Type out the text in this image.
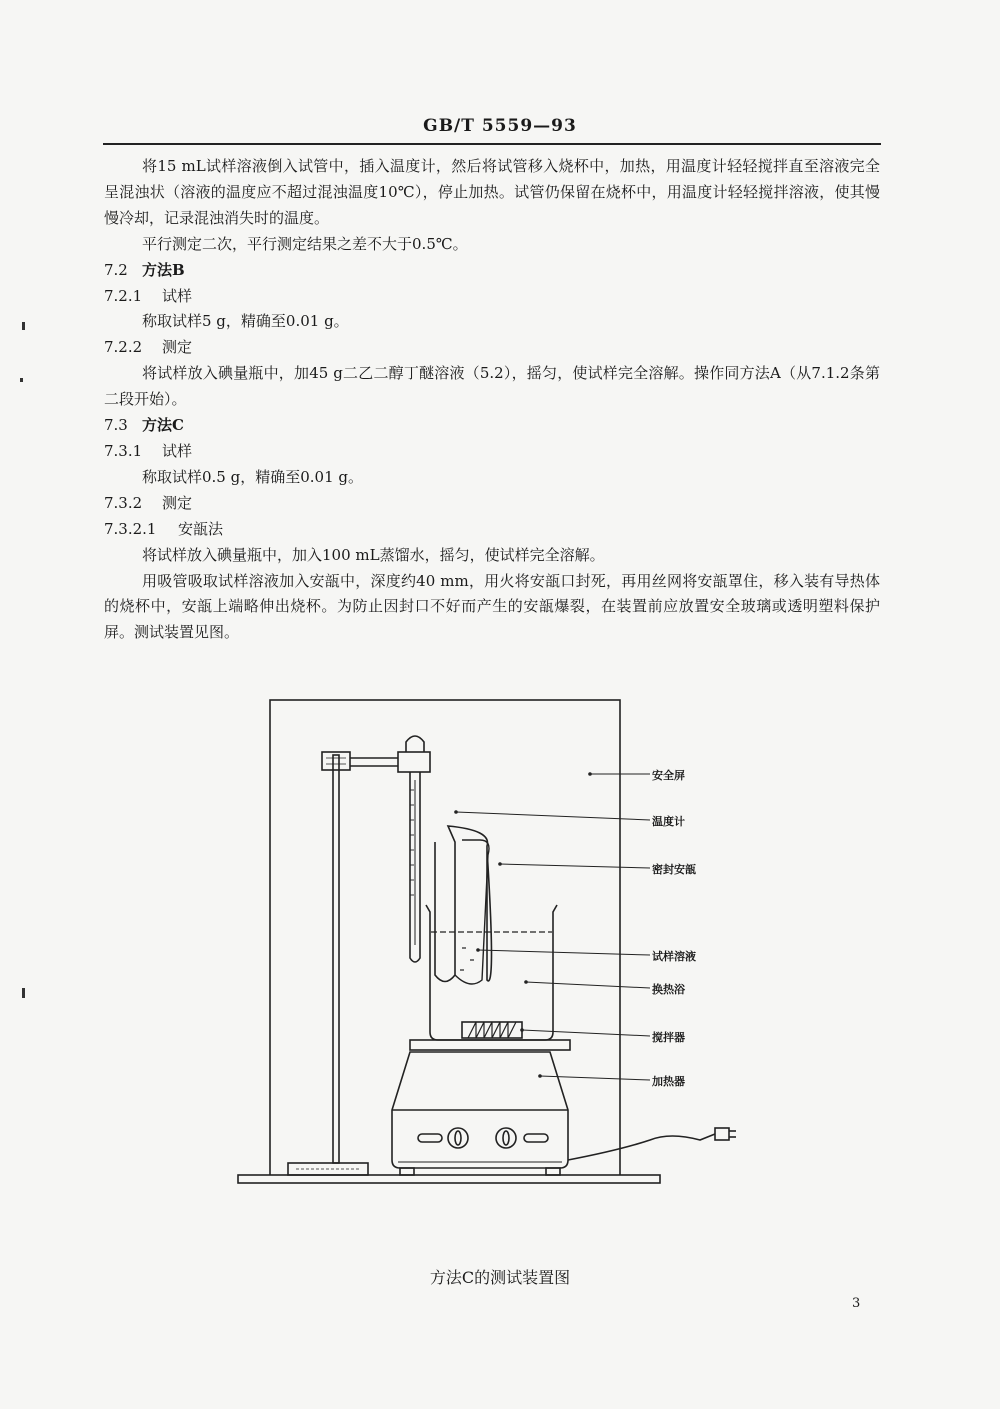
GB/T 5559—93

将15 mL试样溶液倒入试管中，插入温度计，然后将试管移入烧杯中，加热，用温度计轻轻搅拌直至溶液完全呈混浊状（溶液的温度应不超过混浊温度10℃），停止加热。试管仍保留在烧杯中，用温度计轻轻搅拌溶液，使其慢慢冷却，记录混浊消失时的温度。

平行测定二次，平行测定结果之差不大于0.5℃。

7.2 方法B

7.2.1 试样

称取试样5 g，精确至0.01 g。

7.2.2 测定

将试样放入碘量瓶中，加45 g二乙二醇丁醚溶液（5.2），摇匀，使试样完全溶解。操作同方法A（从7.1.2条第二段开始）。

7.3 方法C

7.3.1 试样

称取试样0.5 g，精确至0.01 g。

7.3.2 测定

7.3.2.1 安瓿法

将试样放入碘量瓶中，加入100 mL蒸馏水，摇匀，使试样完全溶解。

用吸管吸取试样溶液加入安瓿中，深度约40 mm，用火将安瓿口封死，再用丝网将安瓿罩住，移入装有导热体的烧杯中，安瓿上端略伸出烧杯。为防止因封口不好而产生的安瓿爆裂，在装置前应放置安全玻璃或透明塑料保护屏。测试装置见图。

安全屏
温度计
密封安瓿
试样溶液
换热浴
搅拌器
加热器
方法C的测试装置图
3
